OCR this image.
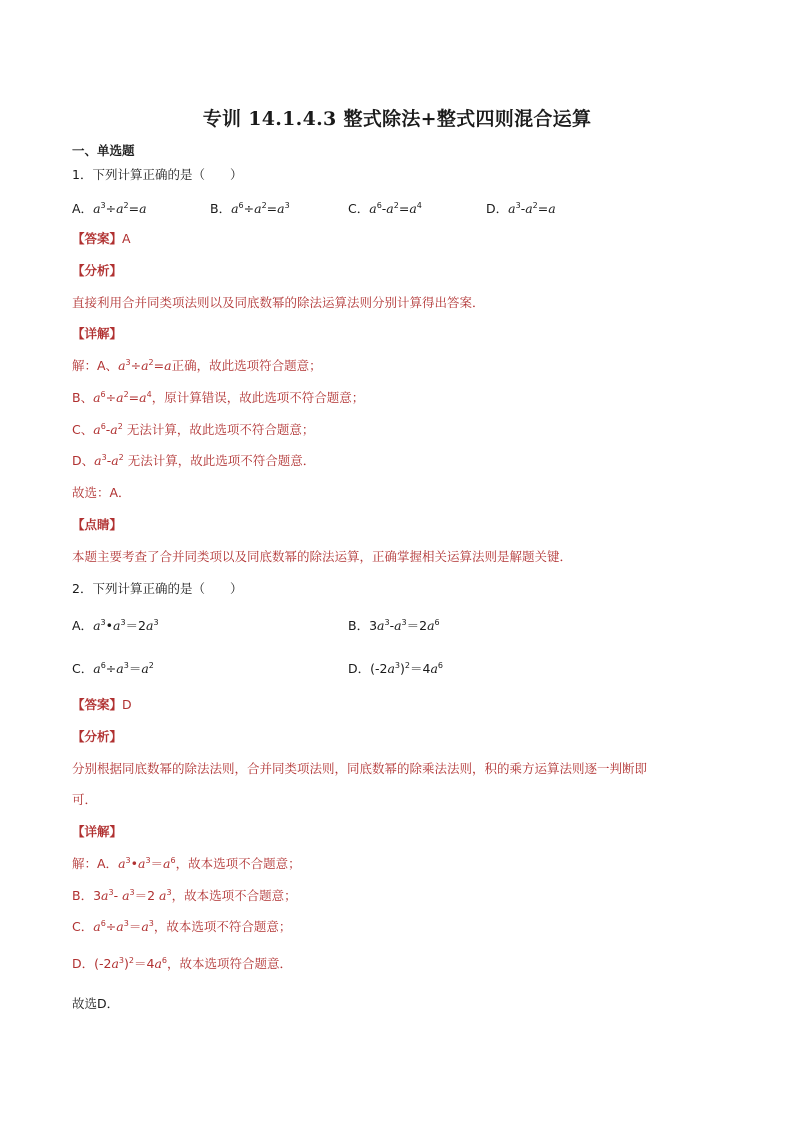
专训 14.1.4.3 整式除法+整式四则混合运算
一、单选题
1．下列计算正确的是（　　）
A．$a^3\div a^2=a$	B．$a^6\div a^2=a^3$	C．$a^6-a^2=a^4$	D．$a^3-a^2=a$
【答案】A
【分析】
直接利用合并同类项法则以及同底数幂的除法运算法则分别计算得出答案．
【详解】
解：A、$a^3\div a^2=a$正确，故此选项符合题意；
B、$a^6\div a^2=a^4$，原计算错误，故此选项不符合题意；
C、$a^6-a^2$ 无法计算，故此选项不符合题意；
D、$a^3-a^2$ 无法计算，故此选项不符合题意．
故选：A．
【点睛】
本题主要考查了合并同类项以及同底数幂的除法运算，正确掌握相关运算法则是解题关键．
2．下列计算正确的是（　　）
A．$a^3•a^3=2a^3$	B．$3a^3-a^3=2a^6$
C．$a^6\div a^3=a^2$	D．$(-2a^3)^2=4a^6$
【答案】D
【分析】
分别根据同底数幂的除法法则，合并同类项法则，同底数幂的除乘法法则，积的乘方运算法则逐一判断即
可．
【详解】
解：A．$a^3•a^3=a^6$，故本选项不合题意；
B．$3a^3-$ $a^3=2$ $a^3$，故本选项不合题意；
C．$a^6\div a^3=a^3$，故本选项不符合题意；
D．$(-2a^3)^2=4a^6$，故本选项符合题意．
故选D．
